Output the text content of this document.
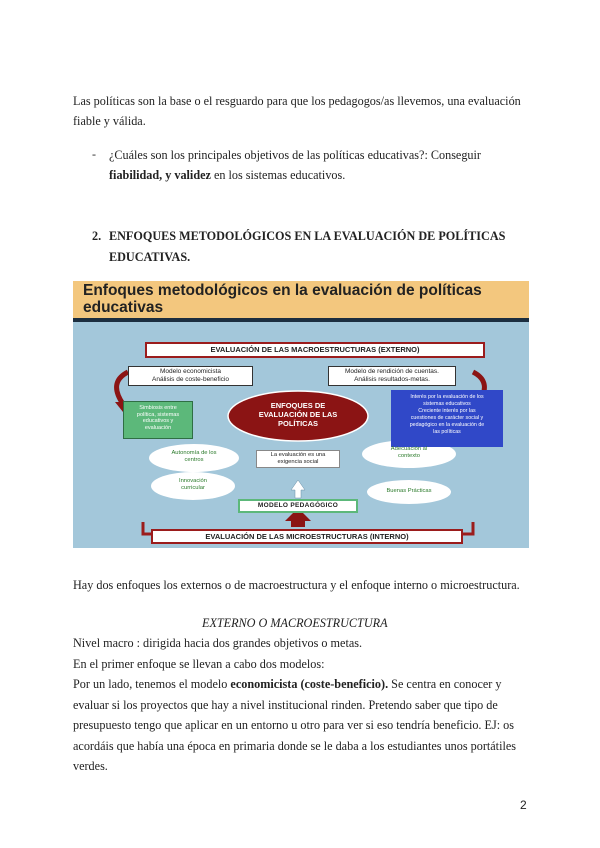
Las políticas son la base o el resguardo para que los pedagogos/as llevemos, una evaluación
fiable y válida.
- ¿Cuáles son los principales objetivos de las políticas educativas?: Conseguir
fiabilidad, y validez en los sistemas educativos.
2. ENFOQUES METODOLÓGICOS EN LA EVALUACIÓN DE POLÍTICAS
EDUCATIVAS.
Enfoques metodológicos en la evaluación de políticas
educativas
EVALUACIÓN DE LAS MACROESTRUCTURAS (EXTERNO)
Modelo economicista
Análisis de coste-beneficio
Modelo de rendición de cuentas.
Análisis resultados-metas.
Simbiosis entre
política, sistemas
educativos y
evaluación
ENFOQUES DE
EVALUACIÓN DE LAS
POLÍTICAS
Interés por la evaluación de los
sistemas educativos
Creciente interés por las
cuestiones de carácter social y
pedagógico en la evaluación de
las políticas
Autonomía de los
centros
Innovación
curricular
Adecuación al
contexto
Buenas Prácticas
La evaluación es una
exigencia social
MODELO PEDAGÓGICO
EVALUACIÓN DE LAS MICROESTRUCTURAS (INTERNO)
Hay dos enfoques los externos o de macroestructura y el enfoque interno o microestructura.
EXTERNO O MACROESTRUCTURA
Nivel macro : dirigida hacia dos grandes objetivos o metas.
En el primer enfoque se llevan a cabo dos modelos:
Por un lado, tenemos el modelo economicista (coste-beneficio). Se centra en conocer y
evaluar si los proyectos que hay a nivel institucional rinden. Pretendo saber que tipo de
presupuesto tengo que aplicar en un entorno u otro para ver si eso tendría beneficio. EJ: os
acordáis que había una época en primaria donde se le daba a los estudiantes unos portátiles
verdes.
2
